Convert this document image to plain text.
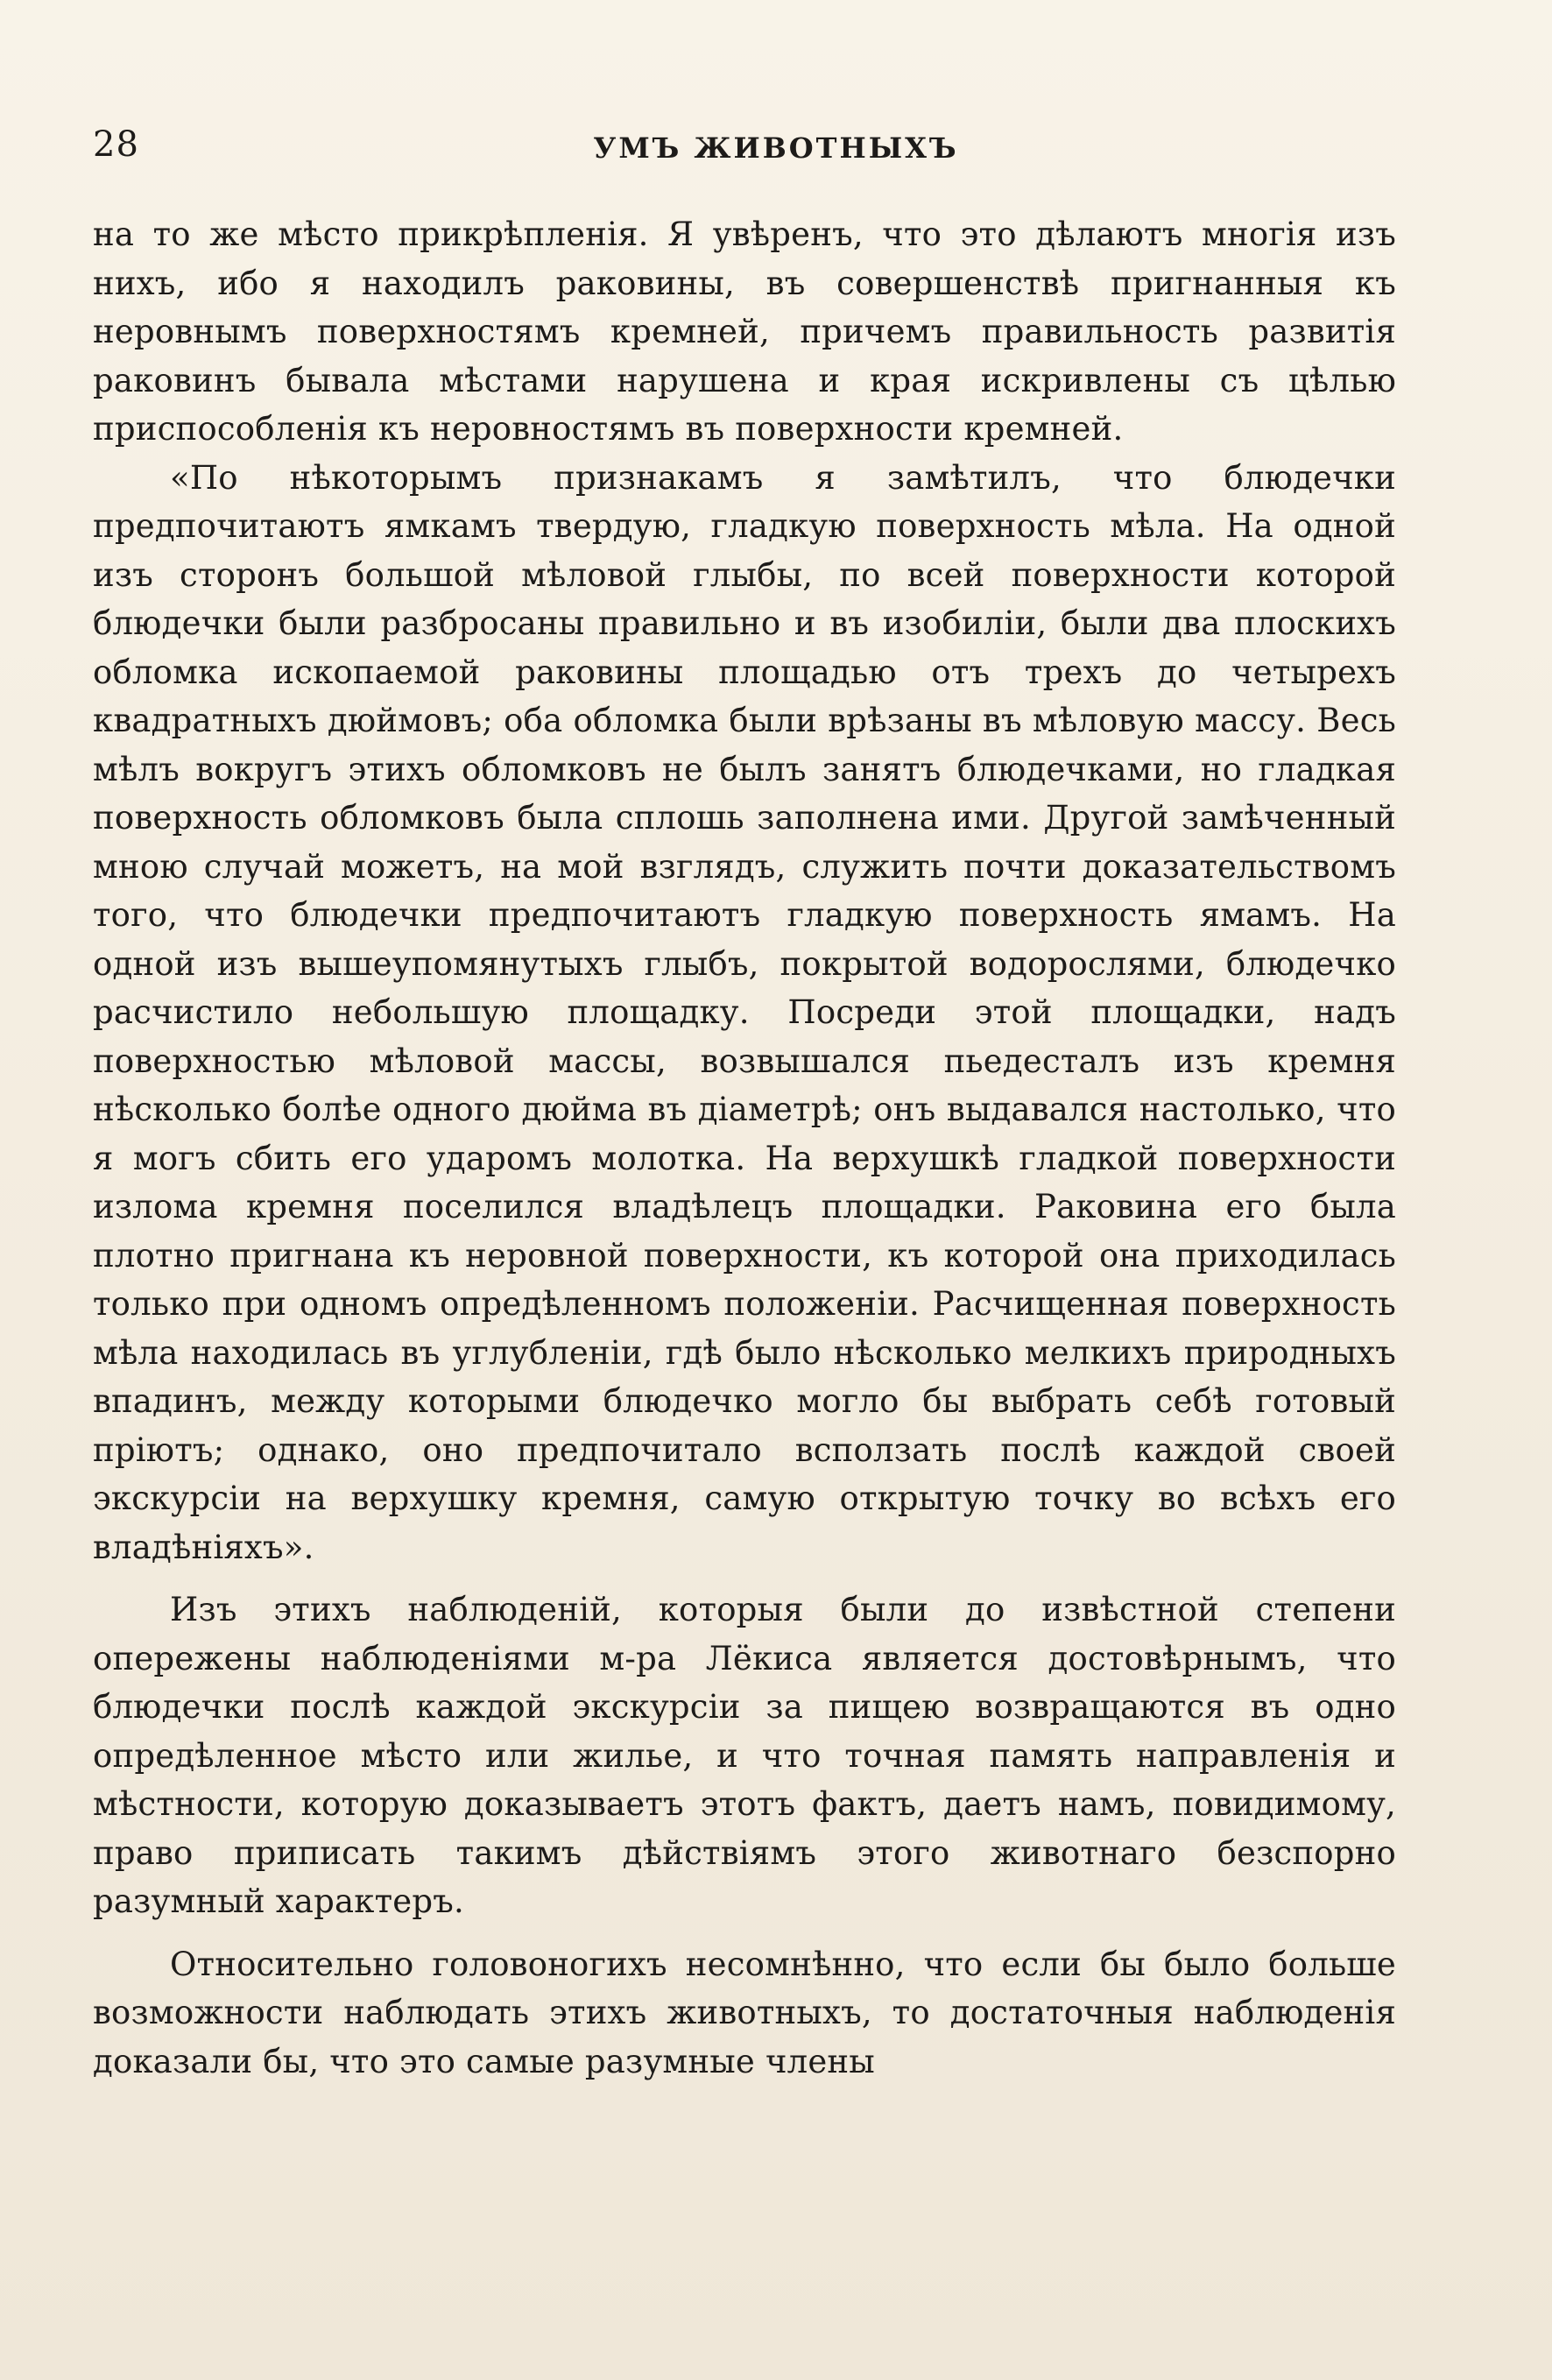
28	УМЪ ЖИВОТНЫХЪ

на то же мѣсто прикрѣпленія. Я увѣренъ, что это дѣлаютъ многія изъ нихъ, ибо я находилъ раковины, въ совершенствѣ пригнанныя къ неровнымъ поверхностямъ кремней, причемъ правильность развитія раковинъ бывала мѣстами нарушена и края искривлены съ цѣлью приспособленія къ неровностямъ въ поверхности кремней.

«По нѣкоторымъ признакамъ я замѣтилъ, что блюдечки предпочитаютъ ямкамъ твердую, гладкую поверхность мѣла. На одной изъ сторонъ большой мѣловой глыбы, по всей поверхности которой блюдечки были разбросаны правильно и въ изобиліи, были два плоскихъ обломка ископаемой раковины площадью отъ трехъ до четырехъ квадратныхъ дюймовъ; оба обломка были врѣзаны въ мѣловую массу. Весь мѣлъ вокругъ этихъ обломковъ не былъ занятъ блюдечками, но гладкая поверхность обломковъ была сплошь заполнена ими. Другой замѣченный мною случай можетъ, на мой взглядъ, служить почти доказательствомъ того, что блюдечки предпочитаютъ гладкую поверхность ямамъ. На одной изъ вышеупомянутыхъ глыбъ, покрытой водорослями, блюдечко расчистило небольшую площадку. Посреди этой площадки, надъ поверхностью мѣловой массы, возвышался пьедесталъ изъ кремня нѣсколько болѣе одного дюйма въ діаметрѣ; онъ выдавался настолько, что я могъ сбить его ударомъ молотка. На верхушкѣ гладкой поверхности излома кремня поселился владѣлецъ площадки. Раковина его была плотно пригнана къ неровной поверхности, къ которой она приходилась только при одномъ опредѣленномъ положеніи. Расчищенная поверхность мѣла находилась въ углубленіи, гдѣ было нѣсколько мелкихъ природныхъ впадинъ, между которыми блюдечко могло бы выбрать себѣ готовый пріютъ; однако, оно предпочитало всползать послѣ каждой своей экскурсіи на верхушку кремня, самую открытую точку во всѣхъ его владѣніяхъ».

Изъ этихъ наблюденій, которыя были до извѣстной степени опережены наблюденіями м-ра Лёкиса является достовѣрнымъ, что блюдечки послѣ каждой экскурсіи за пищею возвращаются въ одно опредѣленное мѣсто или жилье, и что точная память направленія и мѣстности, которую доказываетъ этотъ фактъ, даетъ намъ, повидимому, право приписать такимъ дѣйствіямъ этого животнаго безспорно разумный характеръ.

Относительно головоногихъ несомнѣнно, что если бы было больше возможности наблюдать этихъ животныхъ, то достаточныя наблюденія доказали бы, что это самые разумные члены
